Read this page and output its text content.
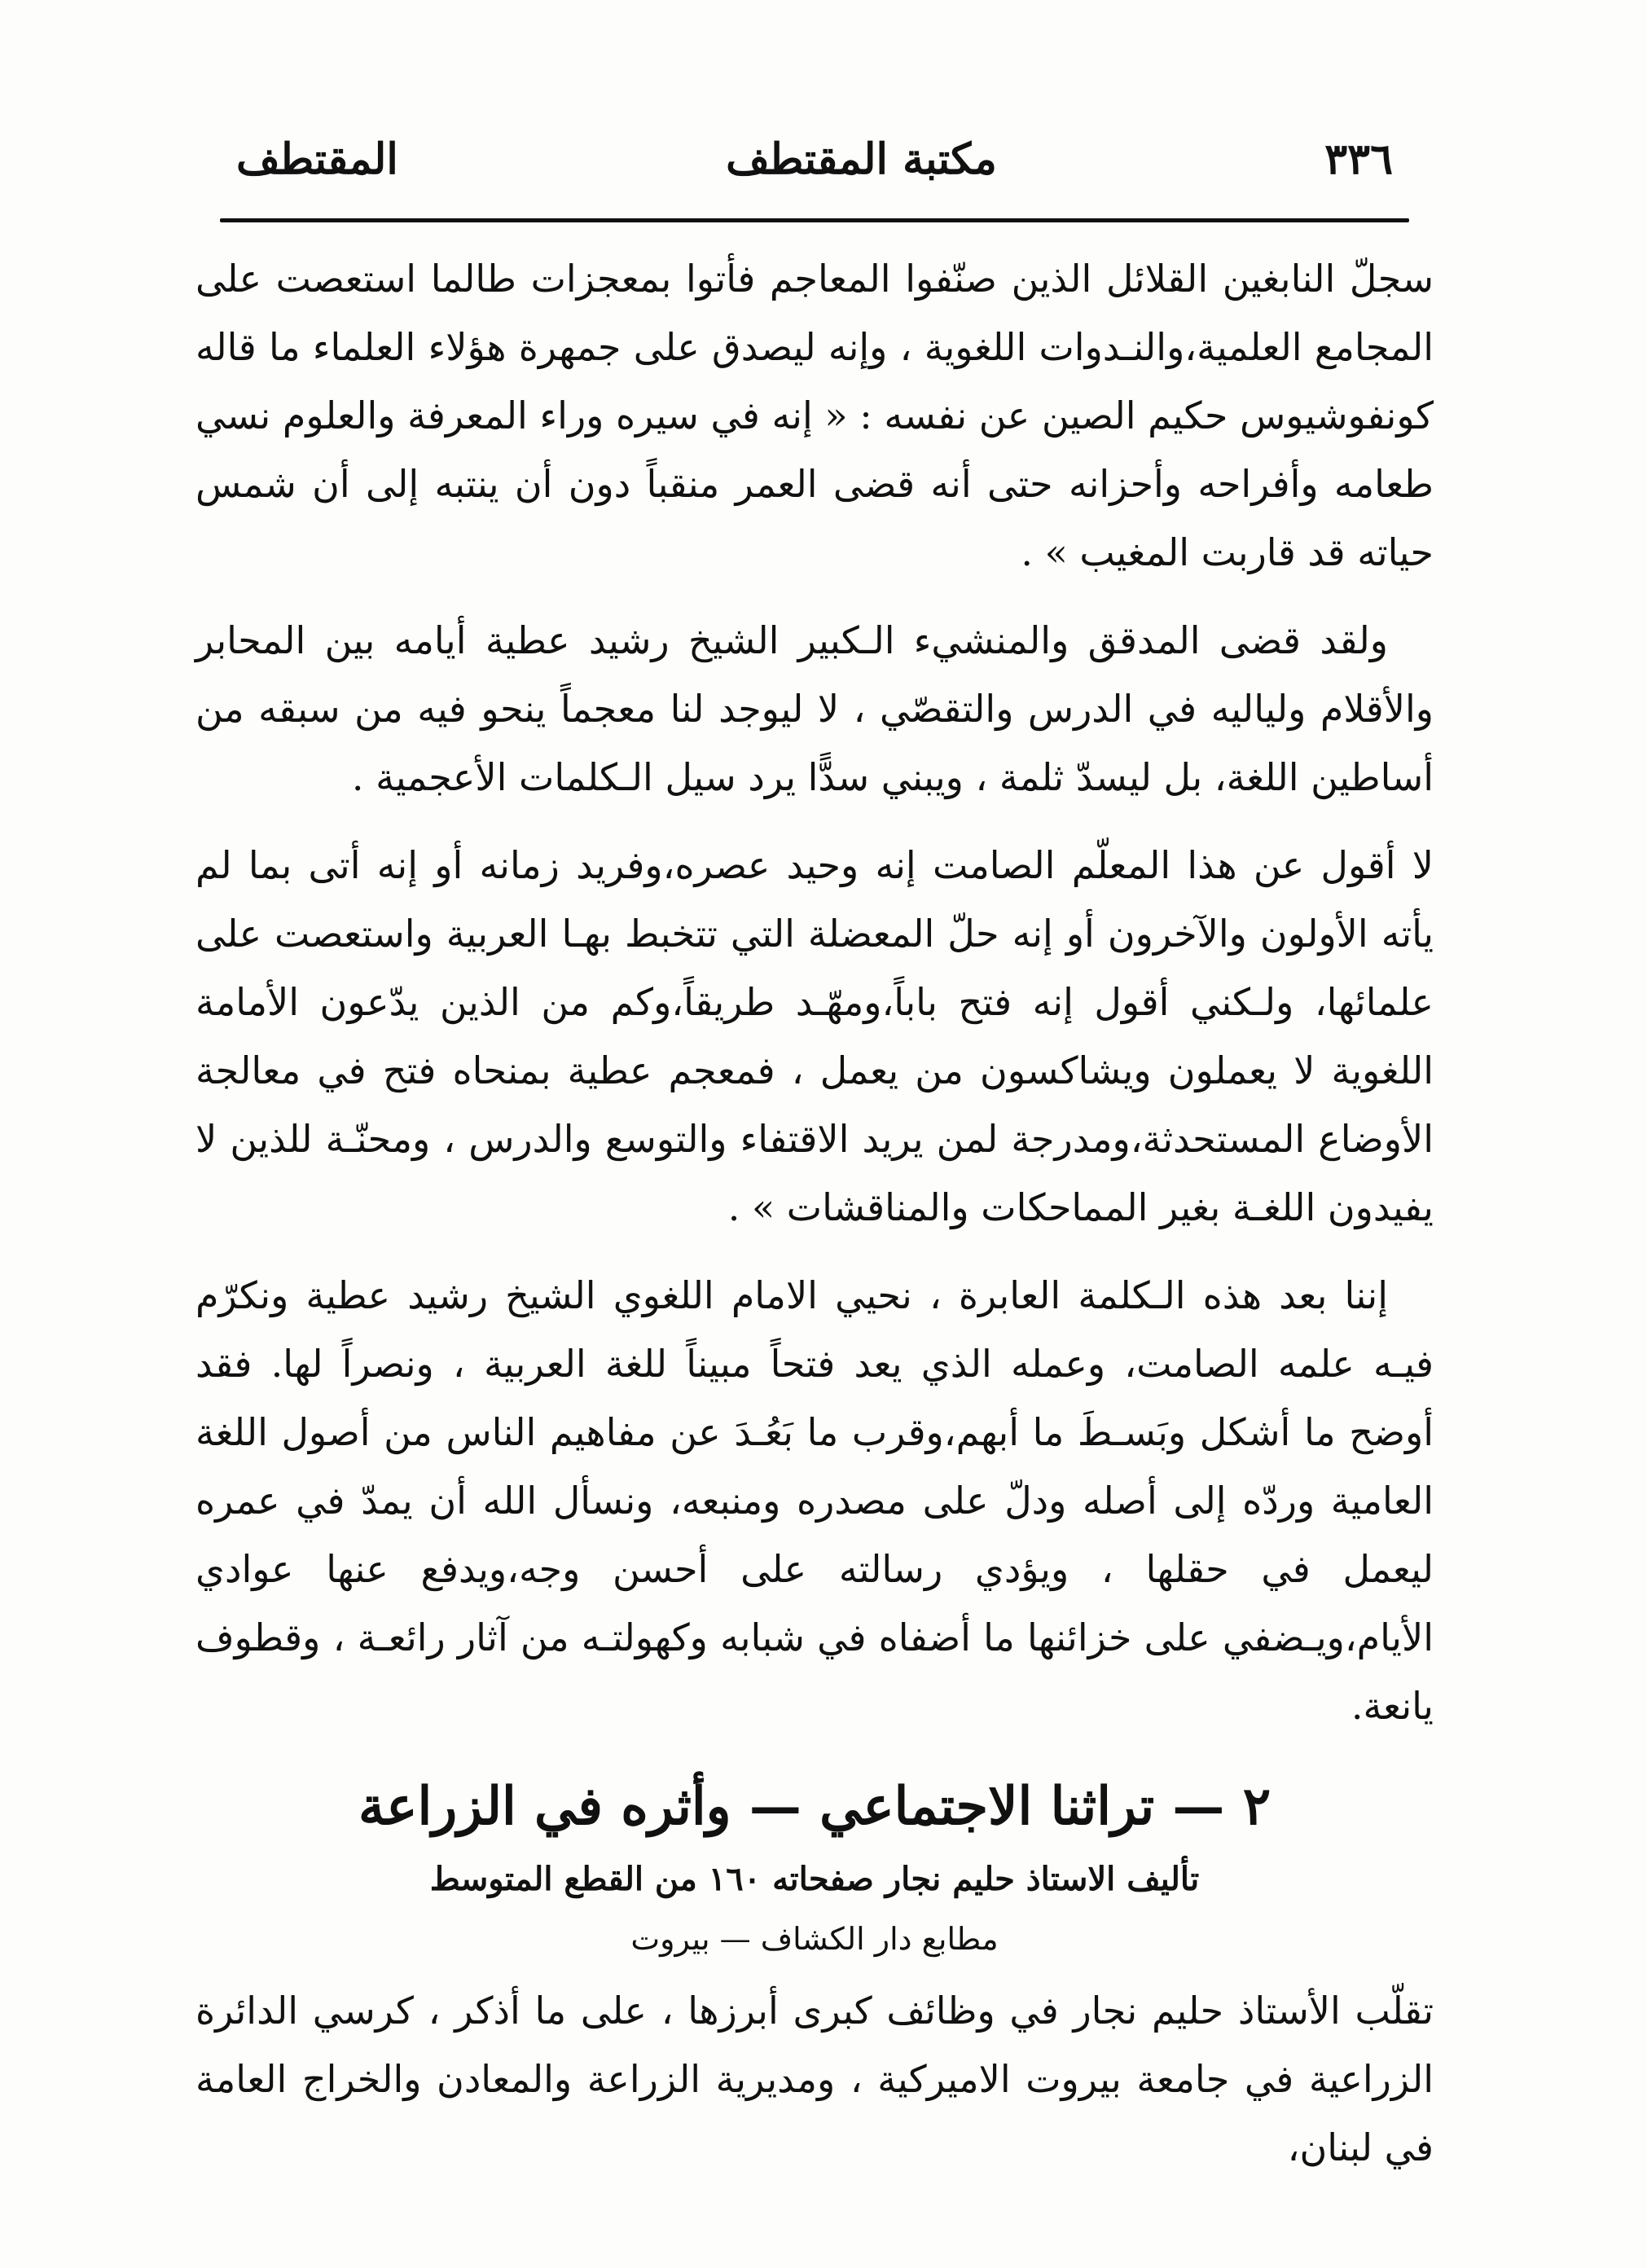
٣٣٦
مكتبة المقتطف
المقتطف

سجلّ النابغين القلائل الذين صنّفوا المعاجم فأتوا بمعجزات طالما استعصت على المجامع العلمية،والنـدوات اللغوية ، وإنه ليصدق على جمهرة هؤلاء العلماء ما قاله كونفوشيوس حكيم الصين عن نفسه : « إنه في سيره وراء المعرفة والعلوم نسي طعامه وأفراحه وأحزانه حتى أنه قضى العمر منقباً دون أن ينتبه إلى أن شمس حياته قد قاربت المغيب » .

ولقد قضى المدقق والمنشيء الـكبير الشيخ رشيد عطية أيامه بين المحابر والأقلام ولياليه في الدرس والتقصّي ، لا ليوجد لنا معجماً ينحو فيه من سبقه من أساطين اللغة، بل ليسدّ ثلمة ، ويبني سدًّا يرد سيل الـكلمات الأعجمية .

لا أقول عن هذا المعلّم الصامت إنه وحيد عصره،وفريد زمانه أو إنه أتى بما لم يأته الأولون والآخرون أو إنه حلّ المعضلة التي تتخبط بهـا العربية واستعصت على علمائها، ولـكني أقول إنه فتح باباً،ومهّـد طريقاً،وكم من الذين يدّعون الأمامة اللغوية لا يعملون ويشاكسون من يعمل ، فمعجم عطية بمنحاه فتح في معالجة الأوضاع المستحدثة،ومدرجة لمن يريد الاقتفاء والتوسع والدرس ، ومحنّـة للذين لا يفيدون اللغـة بغير المماحكات والمناقشات » .

إننا بعد هذه الـكلمة العابرة ، نحيي الامام اللغوي الشيخ رشيد عطية ونكرّم فيـه علمه الصامت، وعمله الذي يعد فتحاً مبيناً للغة العربية ، ونصراً لها. فقد أوضح ما أشكل وبَسـطَ ما أبهم،وقرب ما بَعُـدَ عن مفاهيم الناس من أصول اللغة العامية وردّه إلى أصله ودلّ على مصدره ومنبعه، ونسأل الله أن يمدّ في عمره ليعمل في حقلها ، ويؤدي رسالته على أحسن وجه،ويدفع عنها عوادي الأيام،ويـضفي على خزائنها ما أضفاه في شبابه وكهولتـه من آثار رائعـة ، وقطوف يانعة.

٢ — تراثنا الاجتماعي — وأثره في الزراعة
تأليف الاستاذ حليم نجار صفحاته ١٦٠ من القطع المتوسط
مطابع دار الكشاف — بيروت

تقلّب الأستاذ حليم نجار في وظائف كبرى أبرزها ، على ما أذكر ، كرسي الدائرة الزراعية في جامعة بيروت الاميركية ، ومديرية الزراعة والمعادن والخراج العامة في لبنان،
